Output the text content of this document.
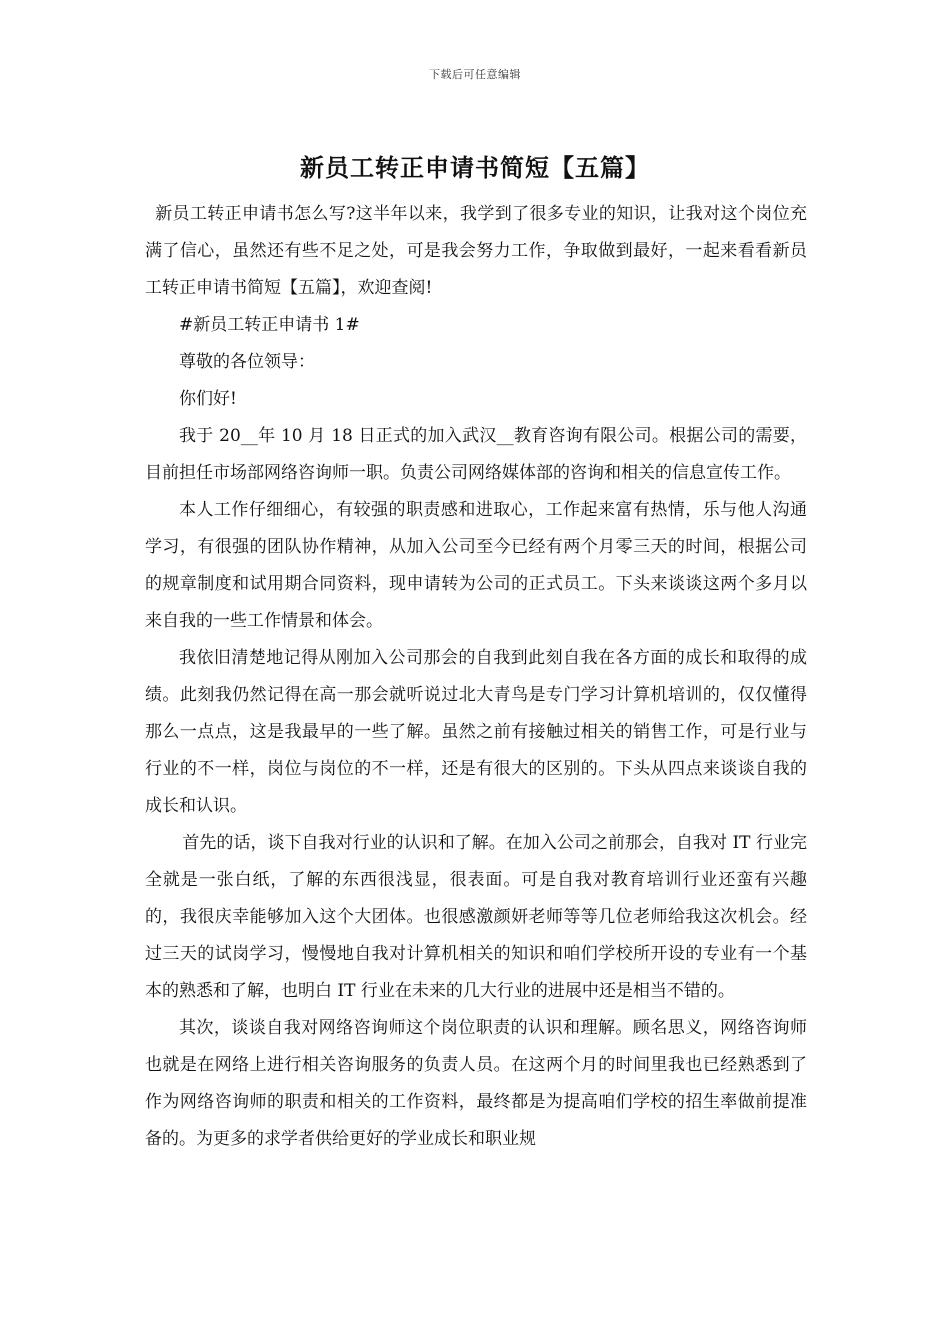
下载后可任意编辑
新员工转正申请书简短【五篇】

新员工转正申请书怎么写?这半年以来，我学到了很多专业的知识，让我对这个岗位充满了信心，虽然还有些不足之处，可是我会努力工作，争取做到最好，一起来看看新员工转正申请书简短【五篇】，欢迎查阅!

#新员工转正申请书 1#

尊敬的各位领导：

你们好!

我于 20__年 10 月 18 日正式的加入武汉__教育咨询有限公司。根据公司的需要，目前担任市场部网络咨询师一职。负责公司网络媒体部的咨询和相关的信息宣传工作。

本人工作仔细细心，有较强的职责感和进取心，工作起来富有热情，乐与他人沟通学习，有很强的团队协作精神，从加入公司至今已经有两个月零三天的时间，根据公司的规章制度和试用期合同资料，现申请转为公司的正式员工。下头来谈谈这两个多月以来自我的一些工作情景和体会。

我依旧清楚地记得从刚加入公司那会的自我到此刻自我在各方面的成长和取得的成绩。此刻我仍然记得在高一那会就听说过北大青鸟是专门学习计算机培训的，仅仅懂得那么一点点，这是我最早的一些了解。虽然之前有接触过相关的销售工作，可是行业与行业的不一样，岗位与岗位的不一样，还是有很大的区别的。下头从四点来谈谈自我的成长和认识。

首先的话，谈下自我对行业的认识和了解。在加入公司之前那会，自我对 IT 行业完全就是一张白纸，了解的东西很浅显，很表面。可是自我对教育培训行业还蛮有兴趣的，我很庆幸能够加入这个大团体。也很感激颜妍老师等等几位老师给我这次机会。经过三天的试岗学习，慢慢地自我对计算机相关的知识和咱们学校所开设的专业有一个基本的熟悉和了解，也明白 IT 行业在未来的几大行业的进展中还是相当不错的。

其次，谈谈自我对网络咨询师这个岗位职责的认识和理解。顾名思义，网络咨询师也就是在网络上进行相关咨询服务的负责人员。在这两个月的时间里我也已经熟悉到了作为网络咨询师的职责和相关的工作资料，最终都是为提高咱们学校的招生率做前提准备的。为更多的求学者供给更好的学业成长和职业规
